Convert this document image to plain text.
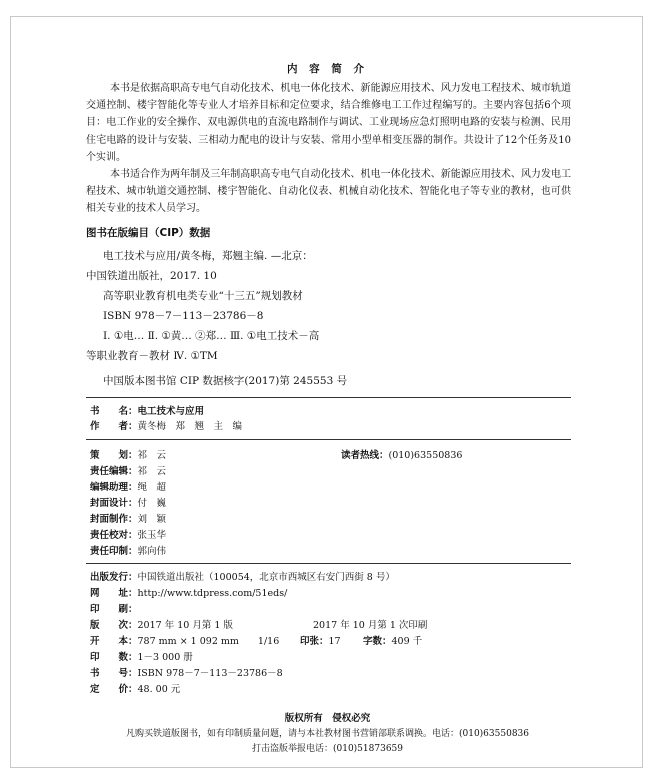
内 容 简 介
本书是依据高职高专电气自动化技术、机电一体化技术、新能源应用技术、风力发电工程技术、城市轨道交通控制、楼宇智能化等专业人才培养目标和定位要求，结合维修电工工作过程编写的。主要内容包括6个项目：电工作业的安全操作、双电源供电的直流电路制作与调试、工业现场应急灯照明电路的安装与检测、民用住宅电路的设计与安装、三相动力配电的设计与安装、常用小型单相变压器的制作。共设计了12个任务及10个实训。
本书适合作为两年制及三年制高职高专电气自动化技术、机电一体化技术、新能源应用技术、风力发电工程技术、城市轨道交通控制、楼宇智能化、自动化仪表、机械自动化技术、智能化电子等专业的教材，也可供相关专业的技术人员学习。
图书在版编目（CIP）数据
电工技术与应用/黄冬梅，郑翘主编. —北京：
中国铁道出版社，2017. 10
高等职业教育机电类专业“十三五”规划教材
ISBN 978－7－113－23786－8
Ⅰ. ①电… Ⅱ. ①黄… ②郑… Ⅲ. ①电工技术－高
等职业教育－教材 Ⅳ. ①TM
中国版本图书馆 CIP 数据核字(2017)第 245553 号
书　　名：电工技术与应用
作　　者：黄冬梅　郑　翘　主　编
策　　划：祁　云	读者热线：(010)63550836
责任编辑：祁　云
编辑助理：绳　超
封面设计：付　巍
封面制作：刘　颖
责任校对：张玉华
责任印制：郭向伟
出版发行：中国铁道出版社（100054，北京市西城区右安门西街 8 号）
网　　址：http://www.tdpress.com/51eds/
印　　刷：
版　　次：2017 年 10 月第 1 版	2017 年 10 月第 1 次印刷
开　　本：787 mm × 1 092 mm　　1/16 印张：17 字数：409 千
印　　数：1－3 000 册
书　　号：ISBN 978－7－113－23786－8
定　　价：48. 00 元
版权所有　侵权必究
凡购买铁道版图书，如有印制质量问题，请与本社教材图书营销部联系调换。电话：(010)63550836
打击盗版举报电话：(010)51873659
